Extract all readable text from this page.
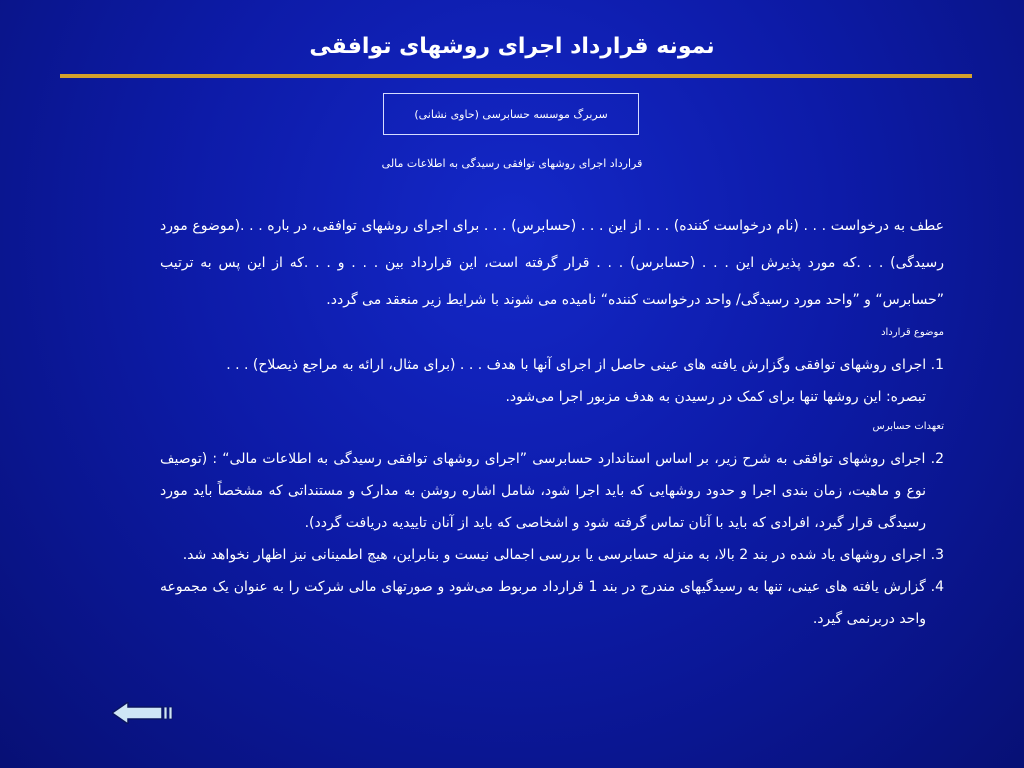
نمونه قرارداد اجرای روشهای توافقی
سربرگ موسسه حسابرسی (حاوی نشانی)
قرارداد اجرای روشهای توافقی رسیدگی به اطلاعات مالی

عطف به درخواست . . . (نام درخواست کننده) . . . از این . . . (حسابرس) . . . برای اجرای روشهای توافقی، در باره . . .(موضوع مورد رسیدگی) . . .که مورد پذیرش این . . . (حسابرس) . . . قرار گرفته است، این قرارداد بین . . . و . . .که از این پس به ترتیب ”حسابرس“ و ”واحد مورد رسیدگی/ واحد درخواست کننده“ نامیده می شوند با شرایط زیر منعقد می گردد.

موضوع قرارداد

1. اجرای روشهای توافقی وگزارش یافته های عینی حاصل از اجرای آنها با هدف . . . (برای مثال، ارائه به مراجع ذیصلاح) . . .

تبصره: این روشها تنها برای کمک در رسیدن به هدف مزبور اجرا می‌شود.

تعهدات حسابرس

2. اجرای روشهای توافقی به شرح زیر، بر اساس استاندارد حسابرسی ”اجرای روشهای توافقی رسیدگی به اطلاعات مالی“ : (توصیف نوع و ماهیت، زمان بندی اجرا و حدود روشهایی که باید اجرا شود، شامل اشاره روشن به مدارک و مستنداتی که مشخصاً باید مورد رسیدگی قرار گیرد، افرادی که باید با آنان تماس گرفته شود و اشخاصی که باید از آنان تاییدیه دریافت گردد).

3. اجرای روشهای یاد شده در بند 2 بالا، به منزله حسابرسی یا بررسی اجمالی نیست و بنابراین، هیچ اطمینانی نیز اظهار نخواهد شد.

4. گزارش یافته های عینی، تنها به رسیدگیهای مندرج در بند 1 قرارداد مربوط می‌شود و صورتهای مالی شرکت را به عنوان یک مجموعه واحد دربرنمی گیرد.
